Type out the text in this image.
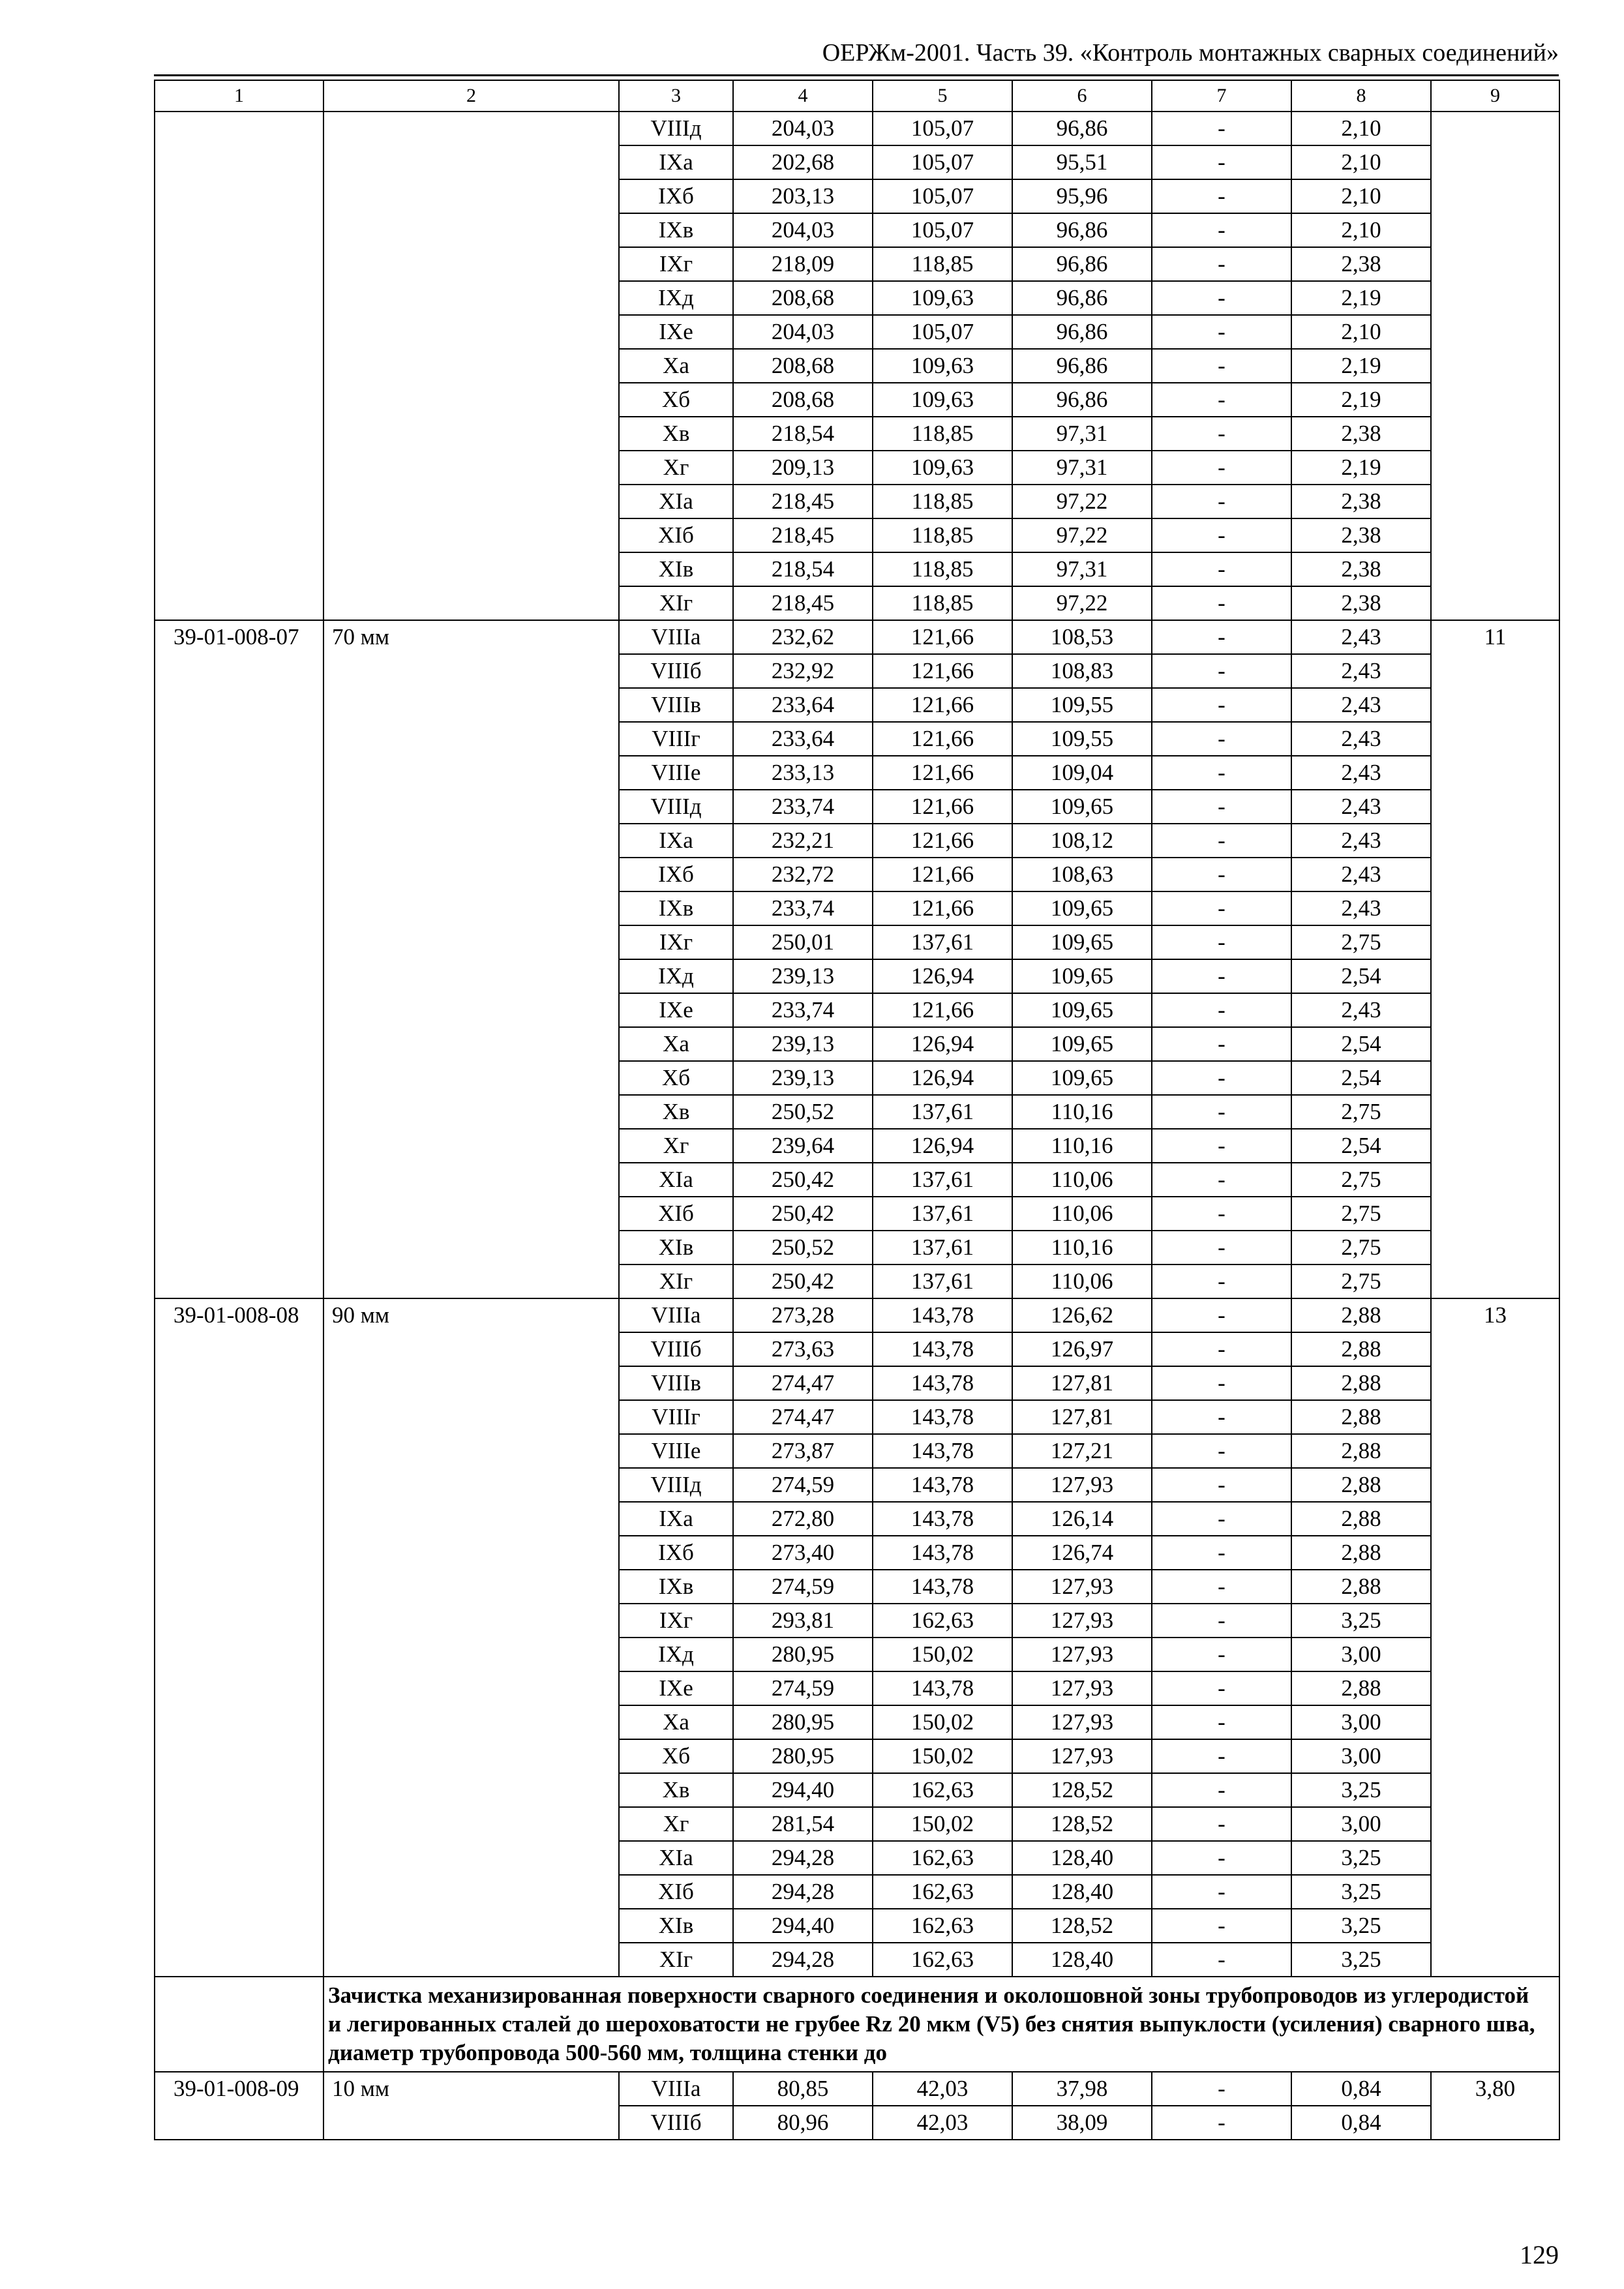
ОЕРЖм-2001. Часть 39. «Контроль монтажных сварных соединений»
1	2	3	4	5	6	7	8	9
		VIIIд	204,03	105,07	96,86	-	2,10	
		IXа	202,68	105,07	95,51	-	2,10	
		IXб	203,13	105,07	95,96	-	2,10	
		IXв	204,03	105,07	96,86	-	2,10	
		IXг	218,09	118,85	96,86	-	2,38	
		IXд	208,68	109,63	96,86	-	2,19	
		IXе	204,03	105,07	96,86	-	2,10	
		Xа	208,68	109,63	96,86	-	2,19	
		Xб	208,68	109,63	96,86	-	2,19	
		Xв	218,54	118,85	97,31	-	2,38	
		Xг	209,13	109,63	97,31	-	2,19	
		XIа	218,45	118,85	97,22	-	2,38	
		XIб	218,45	118,85	97,22	-	2,38	
		XIв	218,54	118,85	97,31	-	2,38	
		XIг	218,45	118,85	97,22	-	2,38	
39-01-008-07	70 мм	VIIIа	232,62	121,66	108,53	-	2,43	11
		VIIIб	232,92	121,66	108,83	-	2,43	
		VIIIв	233,64	121,66	109,55	-	2,43	
		VIIIг	233,64	121,66	109,55	-	2,43	
		VIIIе	233,13	121,66	109,04	-	2,43	
		VIIIд	233,74	121,66	109,65	-	2,43	
		IXа	232,21	121,66	108,12	-	2,43	
		IXб	232,72	121,66	108,63	-	2,43	
		IXв	233,74	121,66	109,65	-	2,43	
		IXг	250,01	137,61	109,65	-	2,75	
		IXд	239,13	126,94	109,65	-	2,54	
		IXе	233,74	121,66	109,65	-	2,43	
		Xа	239,13	126,94	109,65	-	2,54	
		Xб	239,13	126,94	109,65	-	2,54	
		Xв	250,52	137,61	110,16	-	2,75	
		Xг	239,64	126,94	110,16	-	2,54	
		XIа	250,42	137,61	110,06	-	2,75	
		XIб	250,42	137,61	110,06	-	2,75	
		XIв	250,52	137,61	110,16	-	2,75	
		XIг	250,42	137,61	110,06	-	2,75	
39-01-008-08	90 мм	VIIIа	273,28	143,78	126,62	-	2,88	13
		VIIIб	273,63	143,78	126,97	-	2,88	
		VIIIв	274,47	143,78	127,81	-	2,88	
		VIIIг	274,47	143,78	127,81	-	2,88	
		VIIIе	273,87	143,78	127,21	-	2,88	
		VIIIд	274,59	143,78	127,93	-	2,88	
		IXа	272,80	143,78	126,14	-	2,88	
		IXб	273,40	143,78	126,74	-	2,88	
		IXв	274,59	143,78	127,93	-	2,88	
		IXг	293,81	162,63	127,93	-	3,25	
		IXд	280,95	150,02	127,93	-	3,00	
		IXе	274,59	143,78	127,93	-	2,88	
		Xа	280,95	150,02	127,93	-	3,00	
		Xб	280,95	150,02	127,93	-	3,00	
		Xв	294,40	162,63	128,52	-	3,25	
		Xг	281,54	150,02	128,52	-	3,00	
		XIа	294,28	162,63	128,40	-	3,25	
		XIб	294,28	162,63	128,40	-	3,25	
		XIв	294,40	162,63	128,52	-	3,25	
		XIг	294,28	162,63	128,40	-	3,25	
	Зачистка механизированная поверхности сварного соединения и околошовной зоны трубопроводов из углеродистой и легированных сталей до шероховатости не грубее Rz 20 мкм (V5) без снятия выпуклости (усиления) сварного шва, диаметр трубопровода 500-560 мм, толщина стенки до							
39-01-008-09	10 мм	VIIIа	80,85	42,03	37,98	-	0,84	3,80
		VIIIб	80,96	42,03	38,09	-	0,84	
129
